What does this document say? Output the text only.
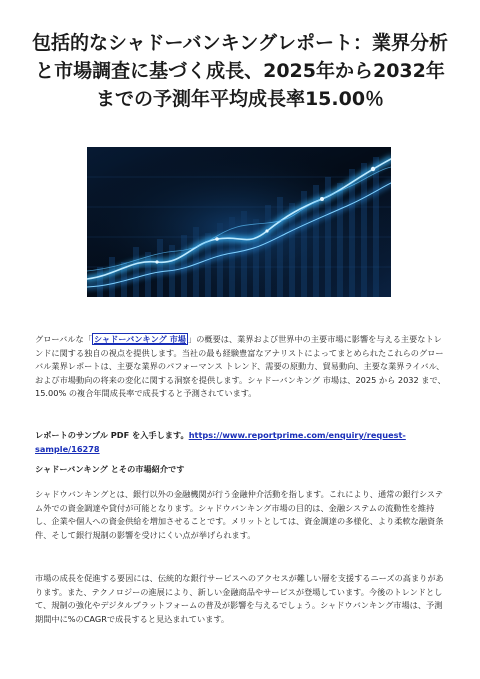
包括的なシャドーバンキングレポート：業界分析と市場調査に基づく成長、2025年から2032年までの予測年平均成長率15.00％

グローバルな「 シャドーバンキング 市場 」の概要は、業界および世界中の主要市場に影響を与える主要なトレンドに関する独自の視点を提供します。当社の最も経験豊富なアナリストによってまとめられたこれらのグローバル業界レポートは、主要な業界のパフォーマンス トレンド、需要の原動力、貿易動向、主要な業界ライバル、および市場動向の将来の変化に関する洞察を提供します。シャドーバンキング 市場は、2025 から 2032 まで、15.00% の複合年間成長率で成長すると予測されています。

レポートのサンプル PDF を入手します。https://www.reportprime.com/enquiry/request-sample/16278

シャドーバンキング とその市場紹介です

シャドウバンキングとは、銀行以外の金融機関が行う金融仲介活動を指します。これにより、通常の銀行システム外での資金調達や貸付が可能となります。シャドウバンキング市場の目的は、金融システムの流動性を維持し、企業や個人への資金供給を増加させることです。メリットとしては、資金調達の多様化、より柔軟な融資条件、そして銀行規制の影響を受けにくい点が挙げられます。

市場の成長を促進する要因には、伝統的な銀行サービスへのアクセスが難しい層を支援するニーズの高まりがあります。また、テクノロジーの進展により、新しい金融商品やサービスが登場しています。今後のトレンドとして、規制の強化やデジタルプラットフォームの普及が影響を与えるでしょう。シャドウバンキング市場は、予測期間中に%のCAGRで成長すると見込まれています。
